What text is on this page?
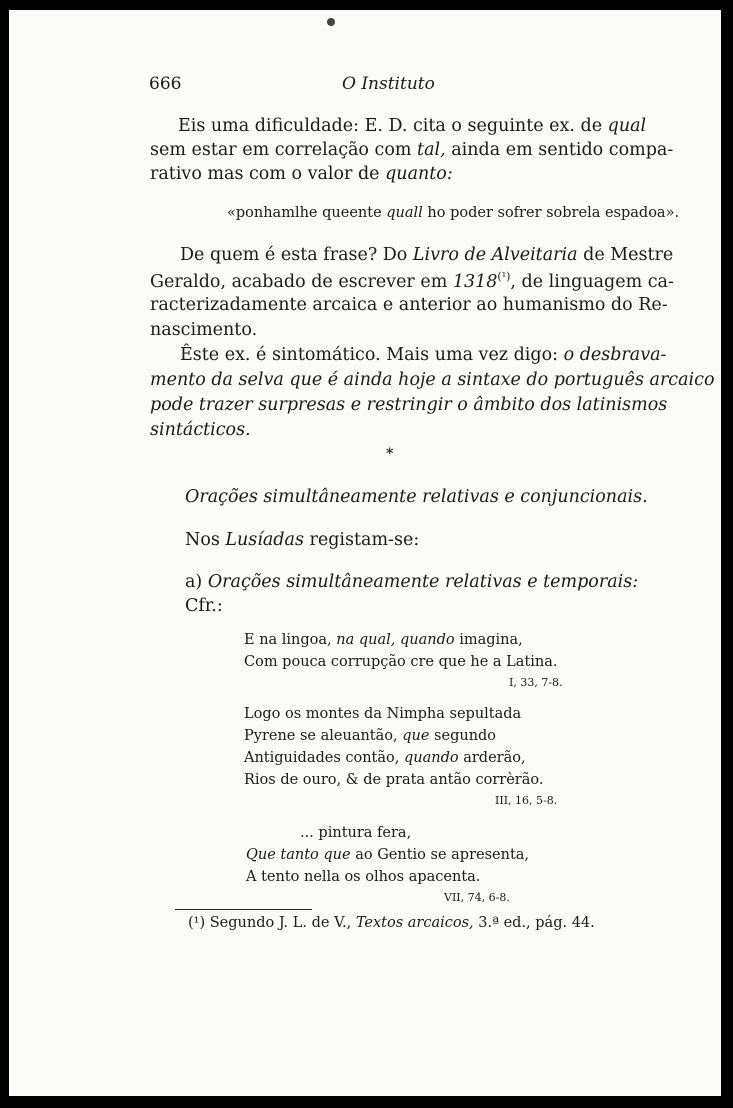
666	O Instituto
Eis uma dificuldade: E. D. cita o seguinte ex. de qual
sem estar em correlação com tal, ainda em sentido compa-
rativo mas com o valor de quanto:
«ponhamlhe queente quall ho poder sofrer sobrela espadoa».
De quem é esta frase? Do Livro de Alveitaria de Mestre
Geraldo, acabado de escrever em $1318^{(^1)}$, de linguagem ca-
racterizadamente arcaica e anterior ao humanismo do Re-
nascimento.
Êste ex. é sintomático. Mais uma vez digo: o desbrava-
mento da selva que é ainda hoje a sintaxe do português arcaico
pode trazer surpresas e restringir o âmbito dos latinismos
sintácticos.
*
Orações simultâneamente relativas e conjuncionais.
Nos Lusíadas registam-se:
a) Orações simultâneamente relativas e temporais:
Cfr.:
E na lingoa, na qual, quando imagina,
Com pouca corrupção cre que he a Latina.
I, 33, 7-8.
Logo os montes da Nimpha sepultada
Pyrene se aleuantão, que segundo
Antiguidades contão, quando arderão,
Rios de ouro, & de prata antão corrèrão.
III, 16, 5-8.
... pintura fera,
Que tanto que ao Gentio se apresenta,
A tento nella os olhos apacenta.
VII, 74, 6-8.
(¹) Segundo J. L. de V., Textos arcaicos, 3.ª ed., pág. 44.
